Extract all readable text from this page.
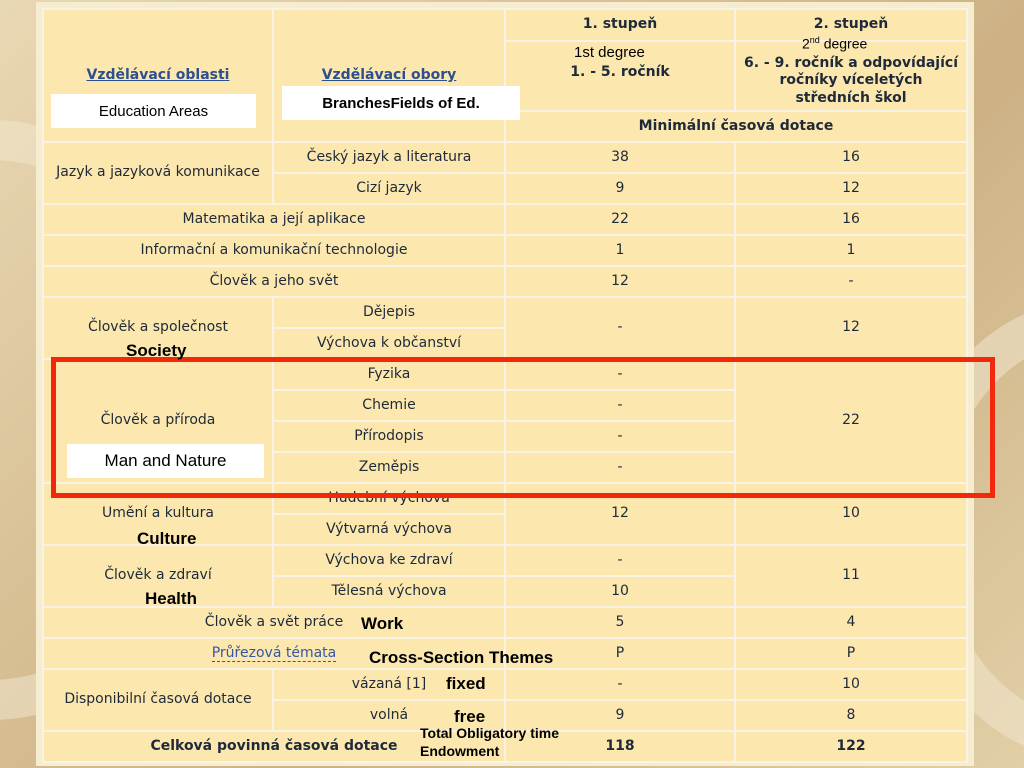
Vzdělávací oblasti	Vzdělávací obory	1. stupeň	2. stupeň
		1. - 5. ročník	6. - 9. ročník a odpovídající ročníky víceletých středních škol
		Minimální časová dotace	
Jazyk a jazyková komunikace	Český jazyk a literatura	38	16
	Cizí jazyk	9	12
Matematika a její aplikace		22	16
Informační a komunikační technologie		1	1
Člověk a jeho svět		12	-
Člověk a společnost	Dějepis	-	12
	Výchova k občanství		
Člověk a příroda	Fyzika	-	22
	Chemie	-	
	Přírodopis	-	
	Zeměpis	-	
Umění a kultura	Hudební výchova	12	10
	Výtvarná výchova		
Člověk a zdraví	Výchova ke zdraví	-	11
	Tělesná výchova	10	
Člověk a svět práce		5	4
Průřezová témata		P	P
Disponibilní časová dotace	vázaná [1]	-	10
	volná	9	8
Celková povinná časová dotace		118	122
Education Areas	BranchesFields of Ed.
Man and Nature
1st degree
2nd degree
Society
Culture
Health
Work
Cross-Section Themes
fixed
free
Total Obligatory time
Endowment
